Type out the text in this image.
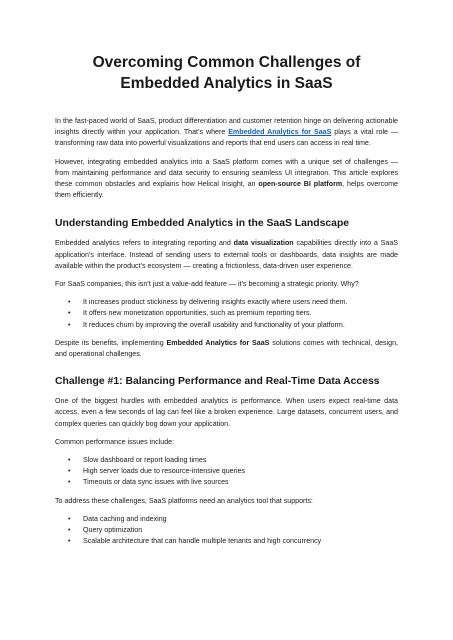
Overcoming Common Challenges of Embedded Analytics in SaaS

In the fast-paced world of SaaS, product differentiation and customer retention hinge on delivering actionable insights directly within your application. That’s where Embedded Analytics for SaaS plays a vital role — transforming raw data into powerful visualizations and reports that end users can access in real time.

However, integrating embedded analytics into a SaaS platform comes with a unique set of challenges — from maintaining performance and data security to ensuring seamless UI integration. This article explores these common obstacles and explains how Helical Insight, an open-source BI platform, helps overcome them efficiently.

Understanding Embedded Analytics in the SaaS Landscape

Embedded analytics refers to integrating reporting and data visualization capabilities directly into a SaaS application’s interface. Instead of sending users to external tools or dashboards, data insights are made available within the product’s ecosystem — creating a frictionless, data-driven user experience.

For SaaS companies, this isn’t just a value-add feature — it’s becoming a strategic priority. Why?

• It increases product stickiness by delivering insights exactly where users need them.
• It offers new monetization opportunities, such as premium reporting tiers.
• It reduces churn by improving the overall usability and functionality of your platform.

Despite its benefits, implementing Embedded Analytics for SaaS solutions comes with technical, design, and operational challenges.

Challenge #1: Balancing Performance and Real-Time Data Access

One of the biggest hurdles with embedded analytics is performance. When users expect real-time data access, even a few seconds of lag can feel like a broken experience. Large datasets, concurrent users, and complex queries can quickly bog down your application.

Common performance issues include:

• Slow dashboard or report loading times
• High server loads due to resource-intensive queries
• Timeouts or data sync issues with live sources

To address these challenges, SaaS platforms need an analytics tool that supports:

• Data caching and indexing
• Query optimization
• Scalable architecture that can handle multiple tenants and high concurrency
